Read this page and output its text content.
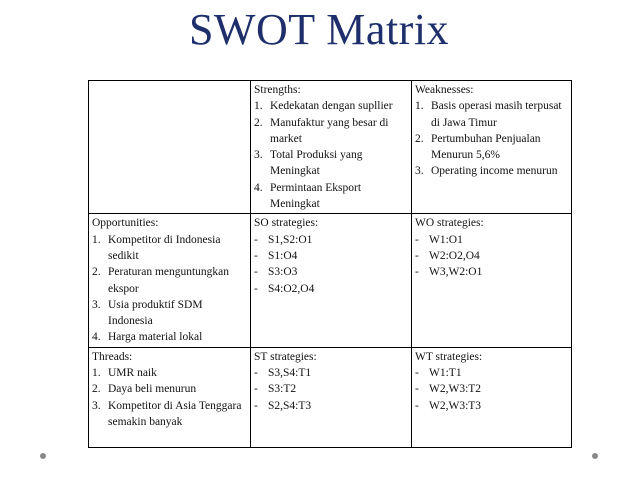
SWOT Matrix

	Strengths:
1. Kedekatan dengan supllier
2. Manufaktur yang besar di market
3. Total Produksi yang Meningkat
4. Permintaan Eksport Meningkat	Weaknesses:
1. Basis operasi masih terpusat di Jawa Timur
2. Pertumbuhan Penjualan Menurun 5,6%
3. Operating income menurun

Opportunities:
1. Kompetitor di Indonesia sedikit
2. Peraturan menguntungkan ekspor
3. Usia produktif SDM Indonesia
4. Harga material lokal	SO strategies:
- S1,S2:O1
- S1:O4
- S3:O3
- S4:O2,O4	WO strategies:
- W1:O1
- W2:O2,O4
- W3,W2:O1

Threads:
1. UMR naik
2. Daya beli menurun
3. Kompetitor di Asia Tenggara semakin banyak	ST strategies:
- S3,S4:T1
- S3:T2
- S2,S4:T3	WT strategies:
- W1:T1
- W2,W3:T2
- W2,W3:T3
